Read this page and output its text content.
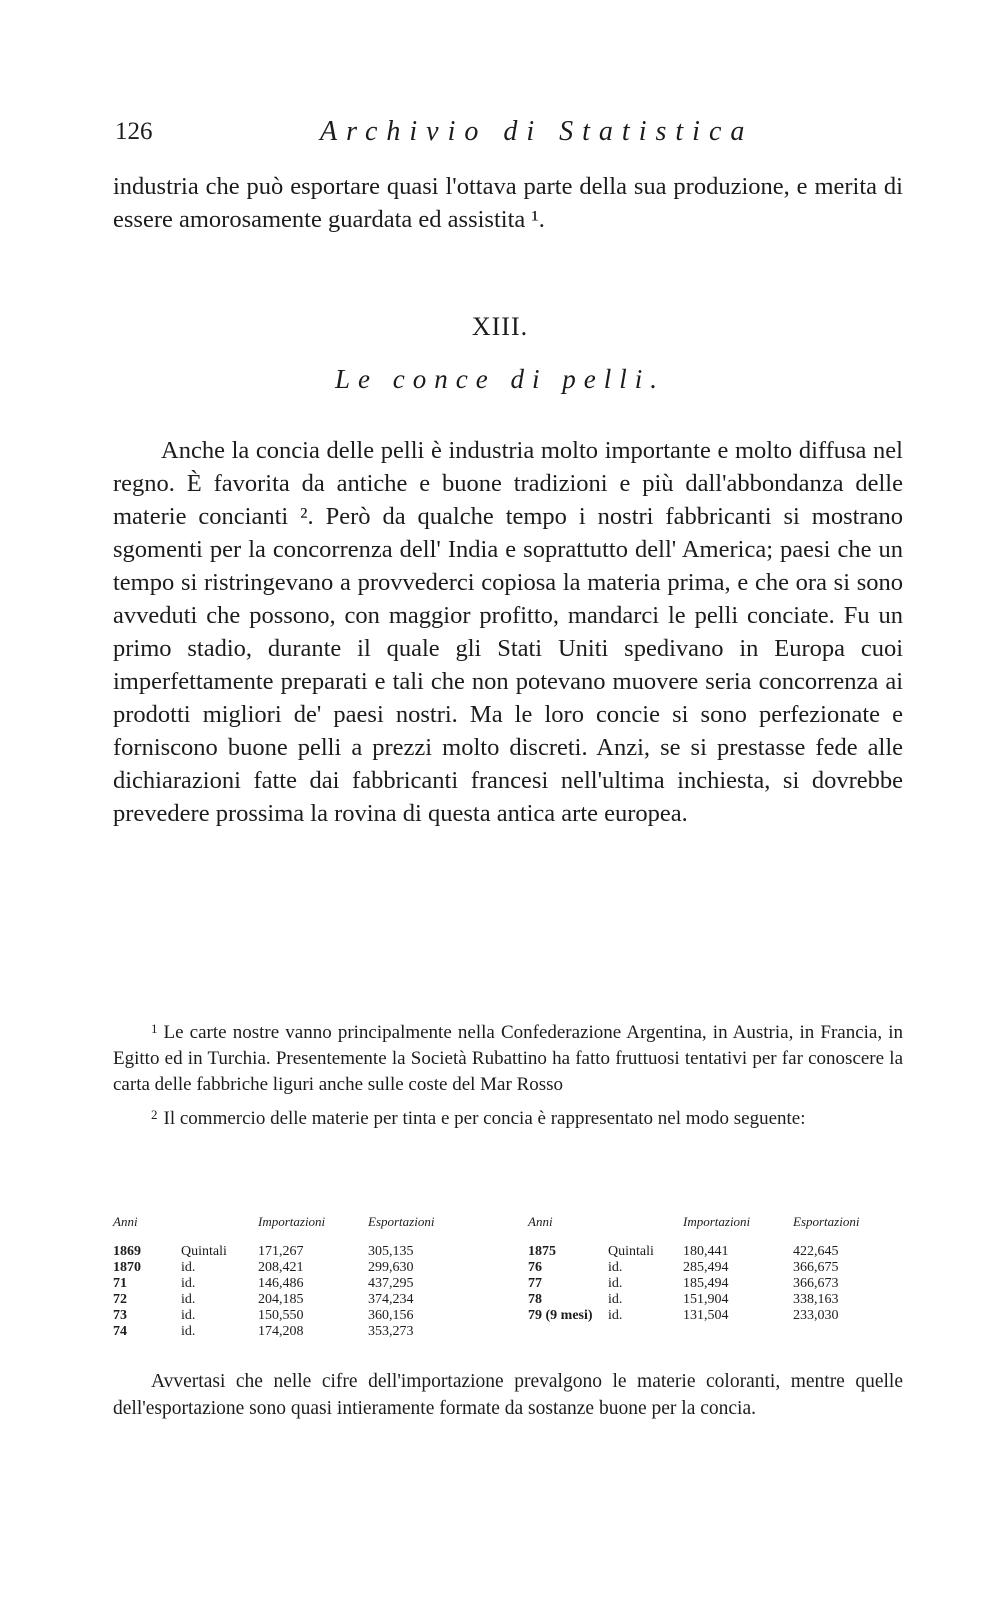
126	Archivio di Statistica

industria che può esportare quasi l'ottava parte della sua produzione, e merita di essere amorosamente guardata ed assistita ¹.

XIII.
Le conce di pelli.

Anche la concia delle pelli è industria molto importante e molto diffusa nel regno. È favorita da antiche e buone tradizioni e più dall'abbondanza delle materie concianti ². Però da qualche tempo i nostri fabbricanti si mostrano sgomenti per la concorrenza dell' India e soprattutto dell' America; paesi che un tempo si ristringevano a provvederci copiosa la materia prima, e che ora si sono avveduti che possono, con maggior profitto, mandarci le pelli conciate. Fu un primo stadio, durante il quale gli Stati Uniti spedivano in Europa cuoi imperfettamente preparati e tali che non potevano muovere seria concorrenza ai prodotti migliori de' paesi nostri. Ma le loro concie si sono perfezionate e forniscono buone pelli a prezzi molto discreti. Anzi, se si prestasse fede alle dichiarazioni fatte dai fabbricanti francesi nell'ultima inchiesta, si dovrebbe prevedere prossima la rovina di questa antica arte europea.

$^1$ Le carte nostre vanno principalmente nella Confederazione Argentina, in Austria, in Francia, in Egitto ed in Turchia. Presentemente la Società Rubattino ha fatto fruttuosi tentativi per far conoscere la carta delle fabbriche liguri anche sulle coste del Mar Rosso

$^2$ Il commercio delle materie per tinta e per concia è rappresentato nel modo seguente:

Anni	Importazioni	Esportazioni
1869	Quintali 171,267	305,135
1870	id.	208,421	299,630
71	id.	146,486	437,295
72	id.	204,185	374,234
73	id.	150,550	360,156
74	id.	174,208	353,273
Anni	Importazioni	Esportazioni
1875	Quintali 180,441	422,645
76	id.	285,494	366,675
77	id.	185,494	366,673
78	id.	151,904	338,163
79 (9 mesi) id.	131,504	233,030

Avvertasi che nelle cifre dell'importazione prevalgono le materie coloranti, mentre quelle dell'esportazione sono quasi intieramente formate da sostanze buone per la concia.
